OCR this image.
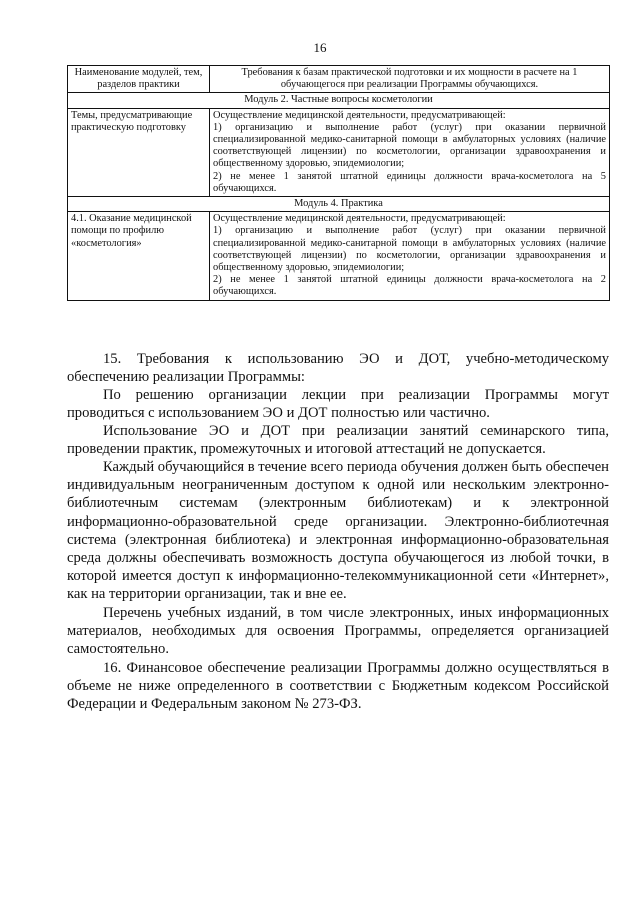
16
Наименование модулей, тем, разделов практики	Требования к базам практической подготовки и их мощности в расчете на 1 обучающегося при реализации Программы обучающихся.
Модуль 2. Частные вопросы косметологии	
Темы, предусматривающие практическую подготовку	Осуществление медицинской деятельности, предусматривающей:
1) организацию и выполнение работ (услуг) при оказании первичной специализированной медико-санитарной помощи в амбулаторных условиях (наличие соответствующей лицензии) по косметологии, организации здравоохранения и общественному здоровью, эпидемиологии;
2) не менее 1 занятой штатной единицы должности врача-косметолога на 5 обучающихся.

Модуль 4. Практика	
4.1. Оказание медицинской помощи по профилю «косметология»	Осуществление медицинской деятельности, предусматривающей:
1) организацию и выполнение работ (услуг) при оказании первичной специализированной медико-санитарной помощи в амбулаторных условиях (наличие соответствующей лицензии) по косметологии, организации здравоохранения и общественному здоровью, эпидемиологии;
2) не менее 1 занятой штатной единицы должности врача-косметолога на 2 обучающихся.
15. Требования к использованию ЭО и ДОТ, учебно-методическому обеспечению реализации Программы:
По решению организации лекции при реализации Программы могут проводиться с использованием ЭО и ДОТ полностью или частично.
Использование ЭО и ДОТ при реализации занятий семинарского типа, проведении практик, промежуточных и итоговой аттестаций не допускается.
Каждый обучающийся в течение всего периода обучения должен быть обеспечен индивидуальным неограниченным доступом к одной или нескольким электронно-библиотечным системам (электронным библиотекам) и к электронной информационно-образовательной среде организации. Электронно-библиотечная система (электронная библиотека) и электронная информационно-образовательная среда должны обеспечивать возможность доступа обучающегося из любой точки, в которой имеется доступ к информационно-телекоммуникационной сети «Интернет», как на территории организации, так и вне ее.
Перечень учебных изданий, в том числе электронных, иных информационных материалов, необходимых для освоения Программы, определяется организацией самостоятельно.
16. Финансовое обеспечение реализации Программы должно осуществляться в объеме не ниже определенного в соответствии с Бюджетным кодексом Российской Федерации и Федеральным законом № 273-ФЗ.
